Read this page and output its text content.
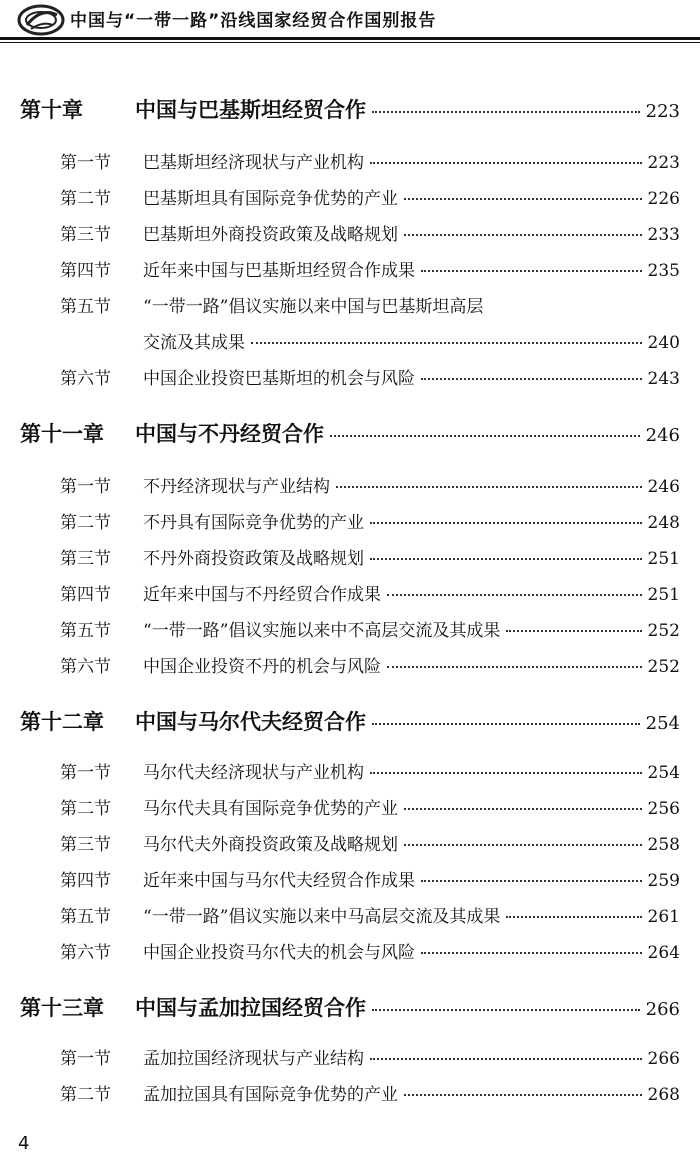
中国与“一带一路”沿线国家经贸合作国别报告
第十章	中国与巴基斯坦经贸合作	223
第一节	巴基斯坦经济现状与产业机构	223
第二节	巴基斯坦具有国际竞争优势的产业	226
第三节	巴基斯坦外商投资政策及战略规划	233
第四节	近年来中国与巴基斯坦经贸合作成果	235
第五节	“一带一路”倡议实施以来中国与巴基斯坦高层
交流及其成果	240
第六节	中国企业投资巴基斯坦的机会与风险	243
第十一章	中国与不丹经贸合作	246
第一节	不丹经济现状与产业结构	246
第二节	不丹具有国际竞争优势的产业	248
第三节	不丹外商投资政策及战略规划	251
第四节	近年来中国与不丹经贸合作成果	251
第五节	“一带一路”倡议实施以来中不高层交流及其成果	252
第六节	中国企业投资不丹的机会与风险	252
第十二章	中国与马尔代夫经贸合作	254
第一节	马尔代夫经济现状与产业机构	254
第二节	马尔代夫具有国际竞争优势的产业	256
第三节	马尔代夫外商投资政策及战略规划	258
第四节	近年来中国与马尔代夫经贸合作成果	259
第五节	“一带一路”倡议实施以来中马高层交流及其成果	261
第六节	中国企业投资马尔代夫的机会与风险	264
第十三章	中国与孟加拉国经贸合作	266
第一节	孟加拉国经济现状与产业结构	266
第二节	孟加拉国具有国际竞争优势的产业	268
4
